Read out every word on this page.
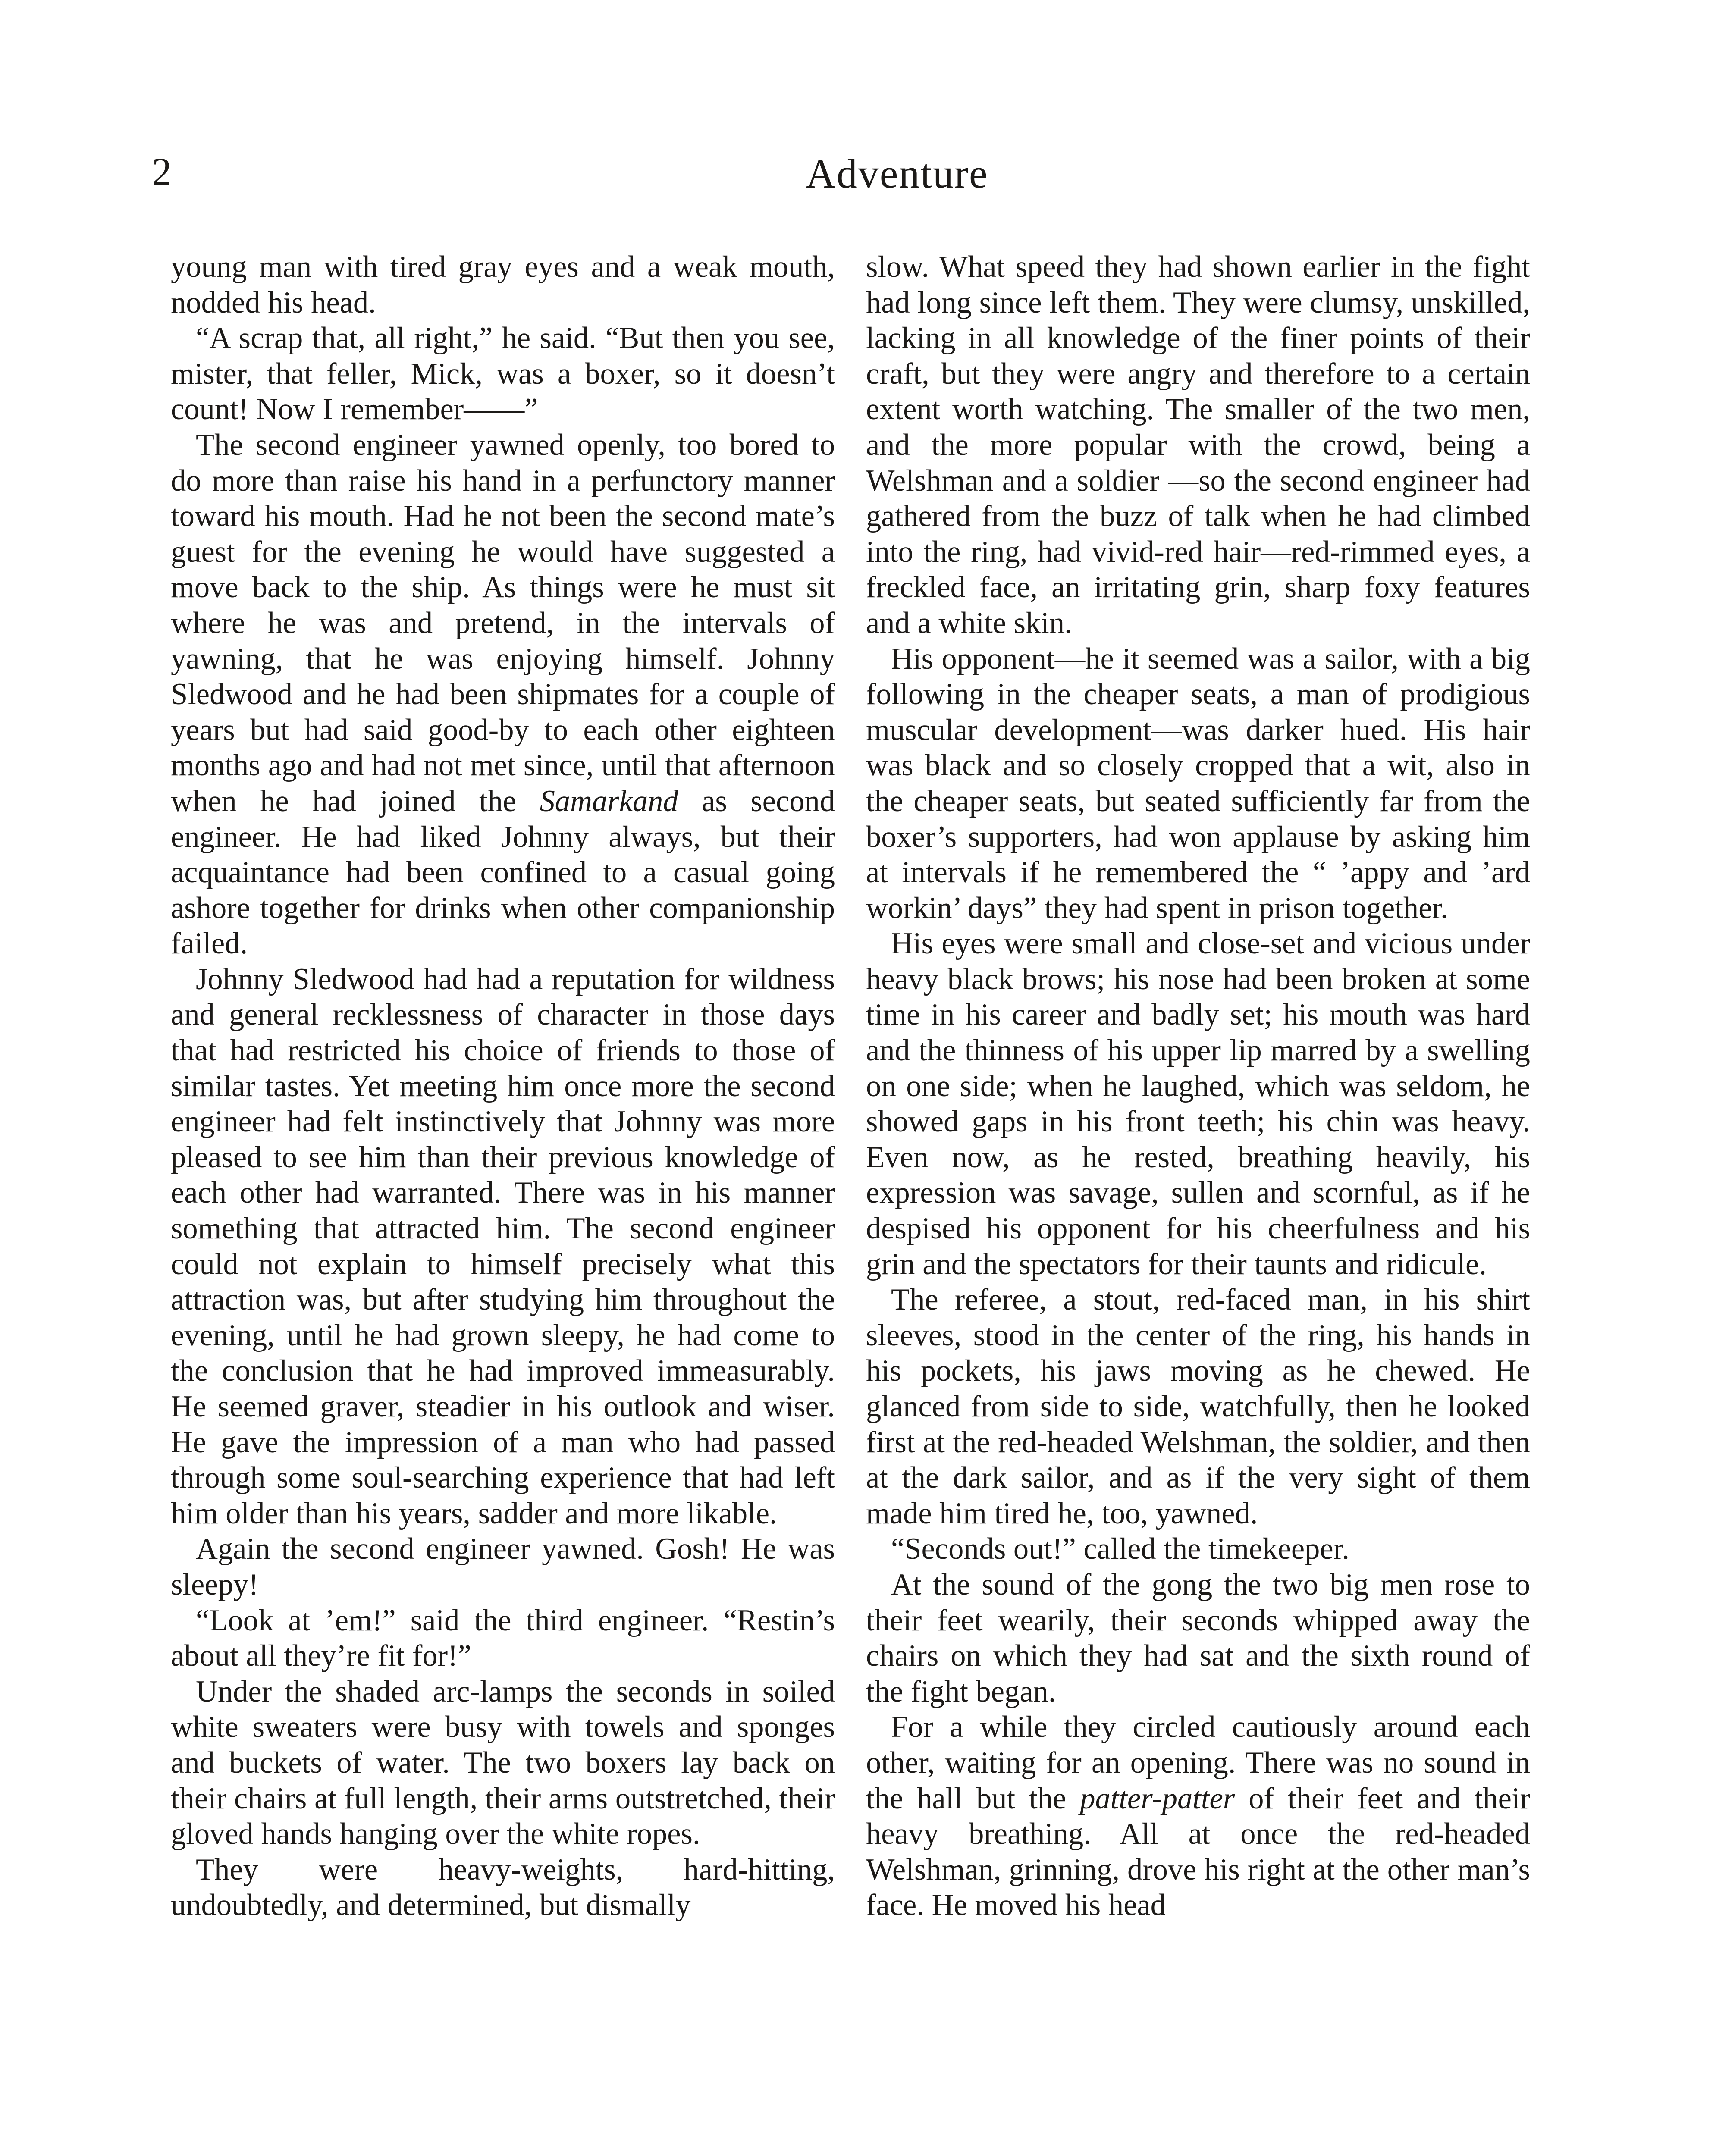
2	Adventure

young man with tired gray eyes and a weak mouth, nodded his head.

“A scrap that, all right,” he said. “But then you see, mister, that feller, Mick, was a boxer, so it doesn’t count! Now I remember——”

The second engineer yawned openly, too bored to do more than raise his hand in a perfunctory manner toward his mouth. Had he not been the second mate’s guest for the evening he would have suggested a move back to the ship. As things were he must sit where he was and pretend, in the intervals of yawning, that he was enjoying himself. Johnny Sledwood and he had been shipmates for a couple of years but had said good-by to each other eighteen months ago and had not met since, until that afternoon when he had joined the Samarkand as second engineer. He had liked Johnny always, but their acquaintance had been confined to a casual going ashore together for drinks when other companionship failed.

Johnny Sledwood had had a reputation for wildness and general recklessness of character in those days that had restricted his choice of friends to those of similar tastes. Yet meeting him once more the second engineer had felt instinctively that Johnny was more pleased to see him than their previous knowledge of each other had warranted. There was in his manner something that attracted him. The second engineer could not explain to himself precisely what this attraction was, but after studying him throughout the evening, until he had grown sleepy, he had come to the conclusion that he had improved immeasurably. He seemed graver, steadier in his outlook and wiser. He gave the impression of a man who had passed through some soul-searching experience that had left him older than his years, sadder and more likable.

Again the second engineer yawned. Gosh! He was sleepy!

“Look at ’em!” said the third engineer. “Restin’s about all they’re fit for!”

Under the shaded arc-lamps the seconds in soiled white sweaters were busy with towels and sponges and buckets of water. The two boxers lay back on their chairs at full length, their arms outstretched, their gloved hands hanging over the white ropes.

They were heavy-weights, hard-hitting, undoubtedly, and determined, but dismally

slow. What speed they had shown earlier in the fight had long since left them. They were clumsy, unskilled, lacking in all knowledge of the finer points of their craft, but they were angry and therefore to a certain extent worth watching. The smaller of the two men, and the more popular with the crowd, being a Welshman and a soldier —so the second engineer had gathered from the buzz of talk when he had climbed into the ring, had vivid-red hair—red-rimmed eyes, a freckled face, an irritating grin, sharp foxy features and a white skin.

His opponent—he it seemed was a sailor, with a big following in the cheaper seats, a man of prodigious muscular development—was darker hued. His hair was black and so closely cropped that a wit, also in the cheaper seats, but seated sufficiently far from the boxer’s supporters, had won applause by asking him at intervals if he remembered the “ ’appy and ’ard workin’ days” they had spent in prison together.

His eyes were small and close-set and vicious under heavy black brows; his nose had been broken at some time in his career and badly set; his mouth was hard and the thinness of his upper lip marred by a swelling on one side; when he laughed, which was seldom, he showed gaps in his front teeth; his chin was heavy. Even now, as he rested, breathing heavily, his expression was savage, sullen and scornful, as if he despised his opponent for his cheerfulness and his grin and the spectators for their taunts and ridicule.

The referee, a stout, red-faced man, in his shirt sleeves, stood in the center of the ring, his hands in his pockets, his jaws moving as he chewed. He glanced from side to side, watchfully, then he looked first at the red-headed Welshman, the soldier, and then at the dark sailor, and as if the very sight of them made him tired he, too, yawned.

“Seconds out!” called the timekeeper.

At the sound of the gong the two big men rose to their feet wearily, their seconds whipped away the chairs on which they had sat and the sixth round of the fight began.

For a while they circled cautiously around each other, waiting for an opening. There was no sound in the hall but the patter-patter of their feet and their heavy breathing. All at once the red-headed Welshman, grinning, drove his right at the other man’s face. He moved his head
